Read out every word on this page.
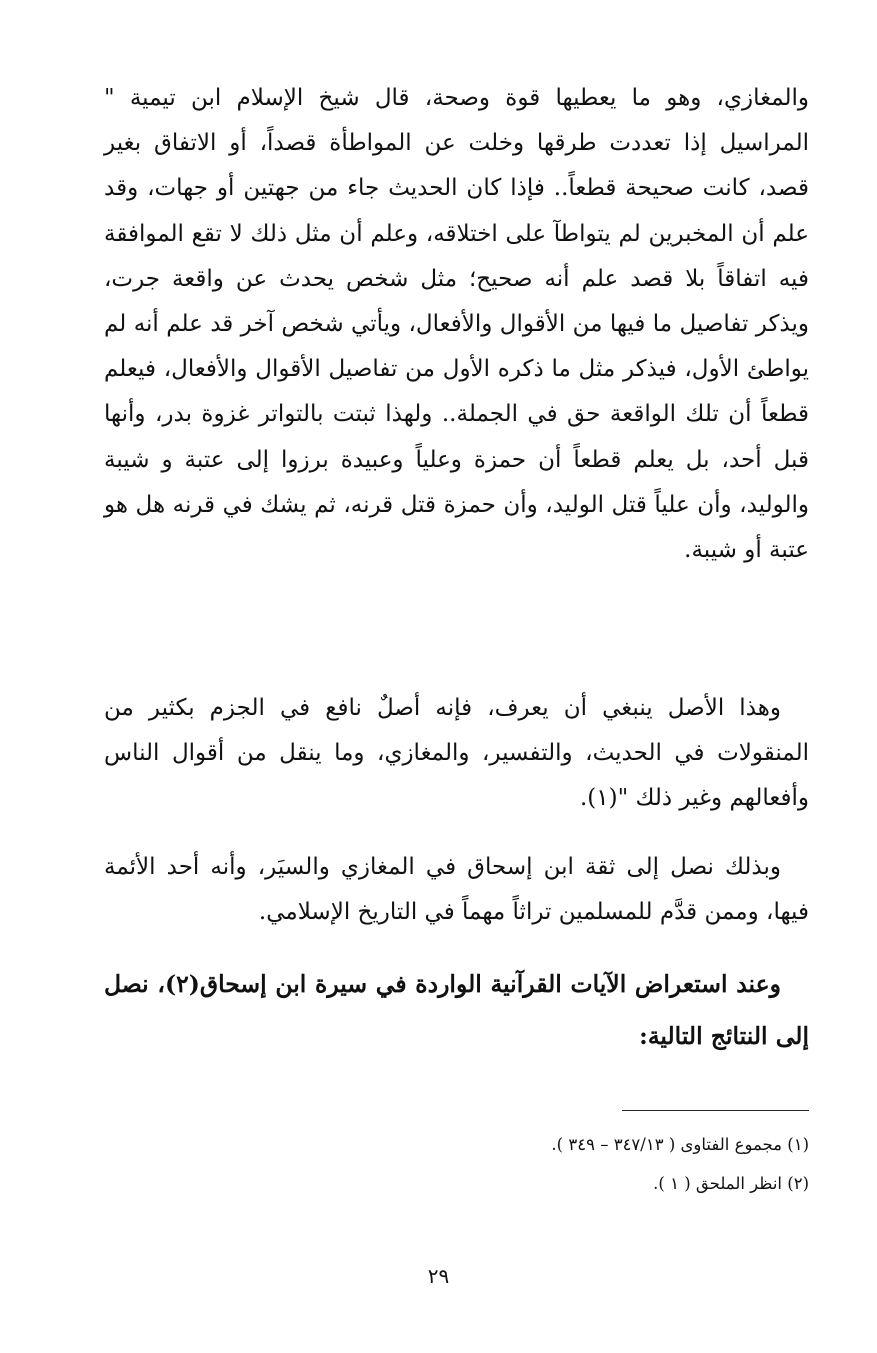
والمغازي، وهو ما يعطيها قوة وصحة، قال شيخ الإسلام ابن تيمية " المراسيل إذا تعددت طرقها وخلت عن المواطأة قصداً، أو الاتفاق بغير قصد، كانت صحيحة قطعاً.. فإذا كان الحديث جاء من جهتين أو جهات، وقد علم أن المخبرين لم يتواطآ على اختلاقه، وعلم أن مثل ذلك لا تقع الموافقة فيه اتفاقاً بلا قصد علم أنه صحيح؛ مثل شخص يحدث عن واقعة جرت، ويذكر تفاصيل ما فيها من الأقوال والأفعال، ويأتي شخص آخر قد علم أنه لم يواطئ الأول، فيذكر مثل ما ذكره الأول من تفاصيل الأقوال والأفعال، فيعلم قطعاً أن تلك الواقعة حق في الجملة.. ولهذا ثبتت بالتواتر غزوة بدر، وأنها قبل أحد، بل يعلم قطعاً أن حمزة وعلياً وعبيدة برزوا إلى عتبة و شيبة والوليد، وأن علياً قتل الوليد، وأن حمزة قتل قرنه، ثم يشك في قرنه هل هو عتبة أو شيبة.

وهذا الأصل ينبغي أن يعرف، فإنه أصلٌ نافع في الجزم بكثير من المنقولات في الحديث، والتفسير، والمغازي، وما ينقل من أقوال الناس وأفعالهم وغير ذلك "(١).

وبذلك نصل إلى ثقة ابن إسحاق في المغازي والسيَر، وأنه أحد الأئمة فيها، وممن قدَّم للمسلمين تراثاً مهماً في التاريخ الإسلامي.

وعند استعراض الآيات القرآنية الواردة في سيرة ابن إسحاق(٢)، نصل إلى النتائج التالية:

(١) مجموع الفتاوى ( ٣٤٧/١٣ – ٣٤٩ ).
(٢) انظر الملحق ( ١ ).
٢٩
